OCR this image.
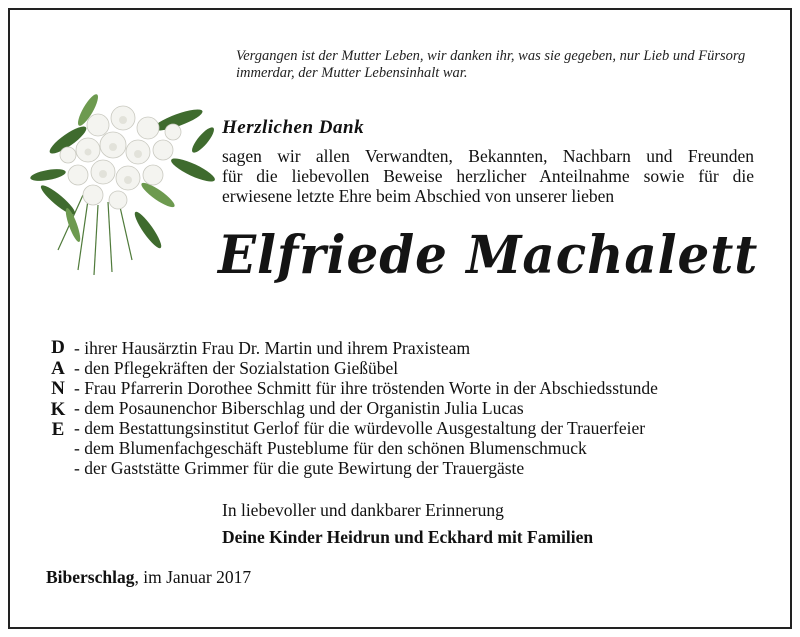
Vergangen ist der Mutter Leben, wir danken ihr, was sie gegeben, nur Lieb und Fürsorg immerdar, der Mutter Lebensinhalt war.
Herzlichen Dank
sagen wir allen Verwandten, Bekannten, Nachbarn und Freunden
für die liebevollen Beweise herzlicher Anteilnahme sowie für die
erwiesene letzte Ehre beim Abschied von unserer lieben
Elfriede Machalett
D
A
N
K
E
- ihrer Hausärztin Frau Dr. Martin und ihrem Praxisteam
- den Pflegekräften der Sozialstation Gießübel
- Frau Pfarrerin Dorothee Schmitt für ihre tröstenden Worte in der Abschiedsstunde
- dem Posaunenchor Biberschlag und der Organistin Julia Lucas
- dem Bestattungsinstitut Gerlof für die würdevolle Ausgestaltung der Trauerfeier
- dem Blumenfachgeschäft Pusteblume für den schönen Blumenschmuck
- der Gaststätte Grimmer für die gute Bewirtung der Trauergäste
In liebevoller und dankbarer Erinnerung
Deine Kinder Heidrun und Eckhard mit Familien
Biberschlag, im Januar 2017
